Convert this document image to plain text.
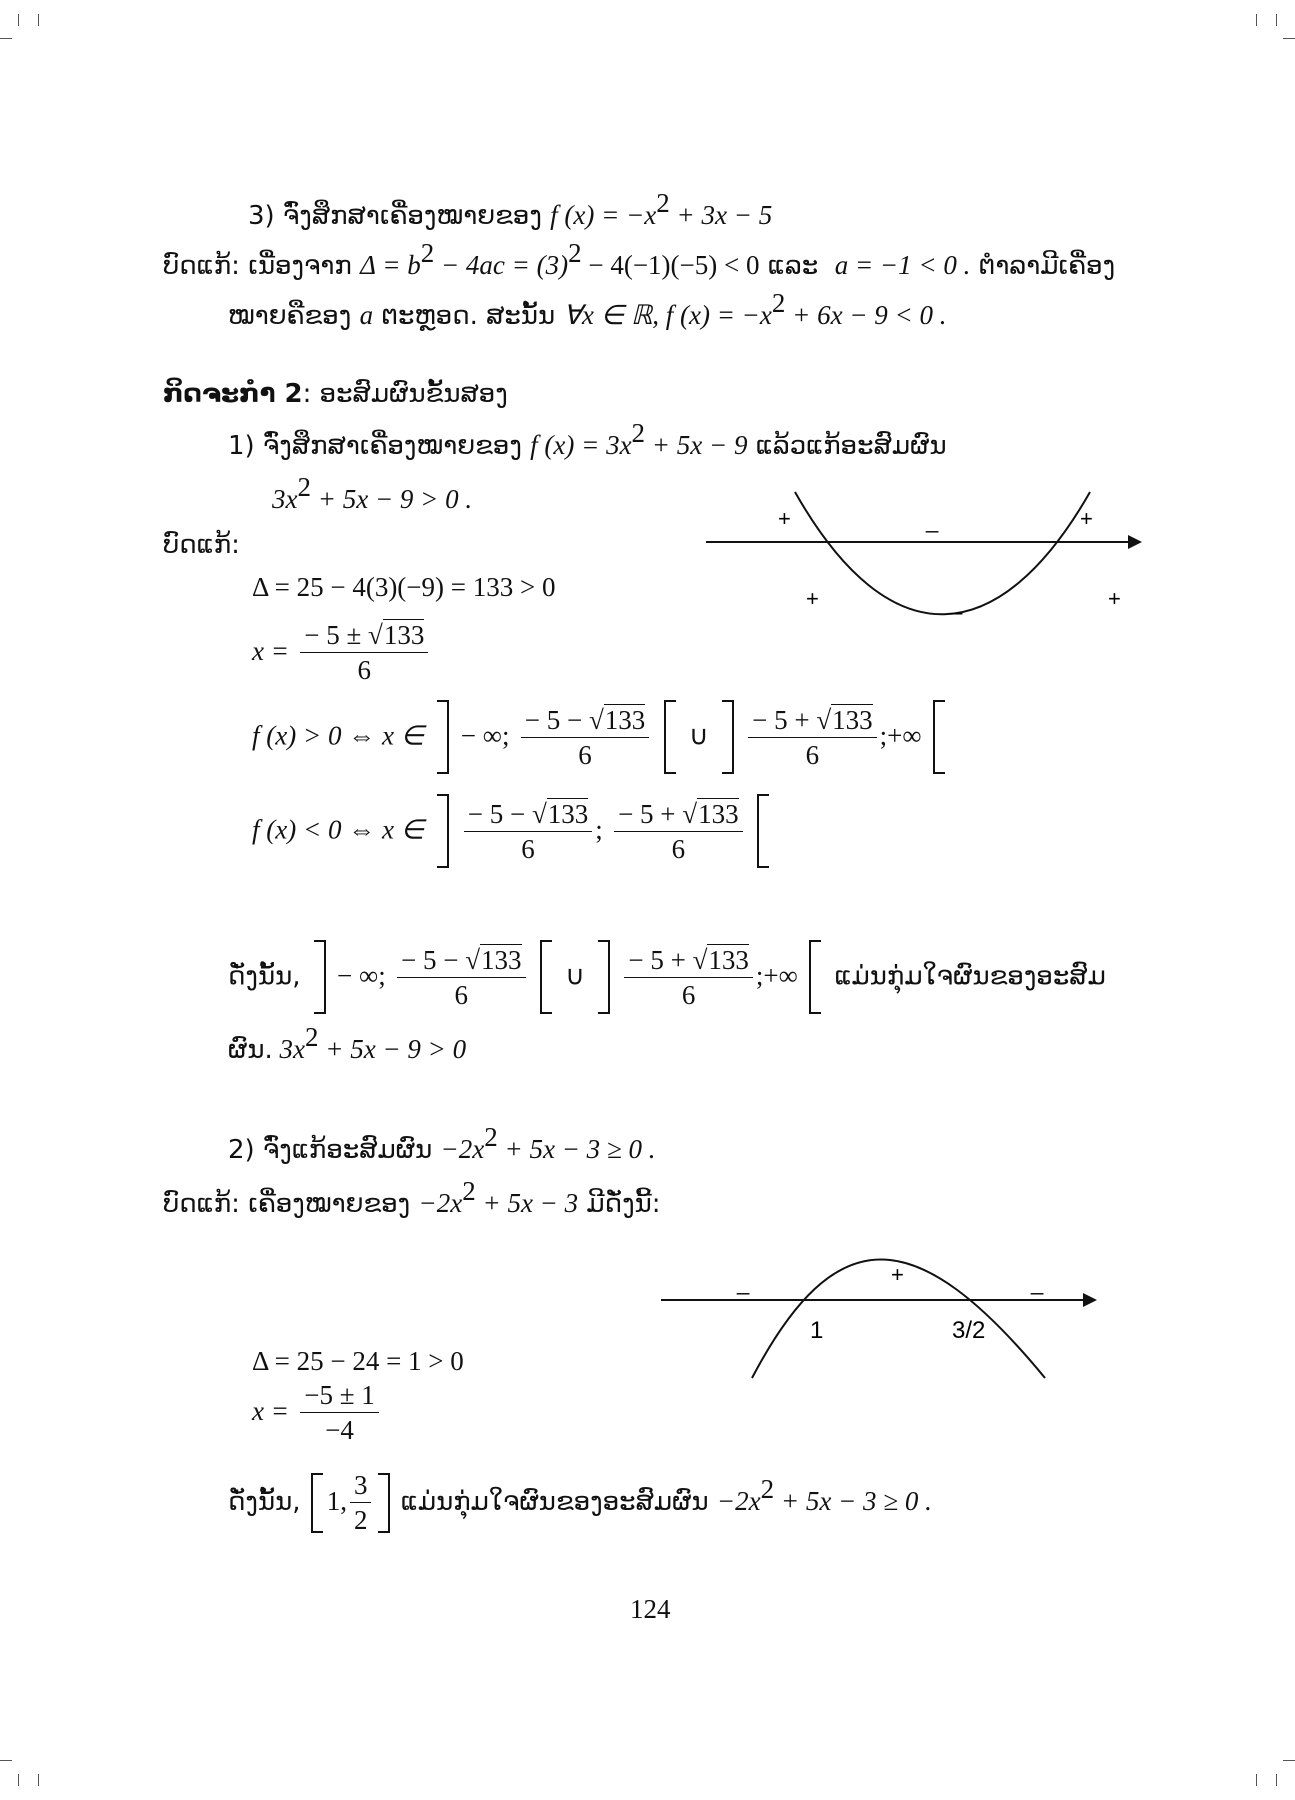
3) ຈົ່ງສຶກສາເຄື່ອງໝາຍຂອງ f $(x) = -x^2 + 3x - 5$
ບົດແກ້: ເນື່ອງຈາກ $\Delta = b^2 - 4ac = (3)^2 - 4(-1)(-5) < 0$ ແລະ a = −1 < 0 . ຕຳລາມີເຄື່ອງ
ໝາຍຄືຂອງ a ຕະຫຼອດ. ສະນັ້ນ ∀x ∈ ℝ, f $(x) = -x^2 + 6x - 9 < 0$ .
ກິດຈະກຳ 2: ອະສົມຜົນຂັ້ນສອງ
1) ຈົ່ງສຶກສາເຄື່ອງໝາຍຂອງ f $(x) = 3x^2 + 5x - 9$ ແລ້ວແກ້ອະສົມຜົນ
$3x^2 + 5x - 9 > 0$ .
ບົດແກ້:
Δ = 25 − 4(3)(−9) = 133 > 0
$x = \frac{- 5 \pm √133}{6}$
f (x) > 0 ⇔ x ∈ − ∞; $\frac{- 5 - √133}{6}$ ∪ $\frac{- 5 + √133}{6}$ ;+∞
f (x) < 0 ⇔ x ∈ $\frac{- 5 - √133}{6}$ ; $\frac{- 5 + √133}{6}$

ດັ່ງນັ້ນ, − ∞; $\frac{- 5 - √133}{6}$ ∪ $\frac{- 5 + √133}{6}$ ;+∞ ແມ່ນກຸ່ມໃຈຜົນຂອງອະສົມ
ຜົນ. $3x^2 + 5x - 9 > 0$
2) ຈົ່ງແກ້ອະສົມຜົນ $-2x^2 + 5x - 3 \ge 0$ .
ບົດແກ້: ເຄື່ອງໝາຍຂອງ $-2x^2 + 5x - 3$ ມີດັ່ງນີ້:
Δ = 25 − 24 = 1 > 0
$x = \frac{-5 \pm 1}{-4}$
ດັ່ງນັ້ນ, 1, $\frac{3}{2}$ ແມ່ນກຸ່ມໃຈຜົນຂອງອະສົມຜົນ $-2x^2 + 5x - 3 \ge 0$ .
+	_	+
+	_	+
_	+	_
1	3/2
124
